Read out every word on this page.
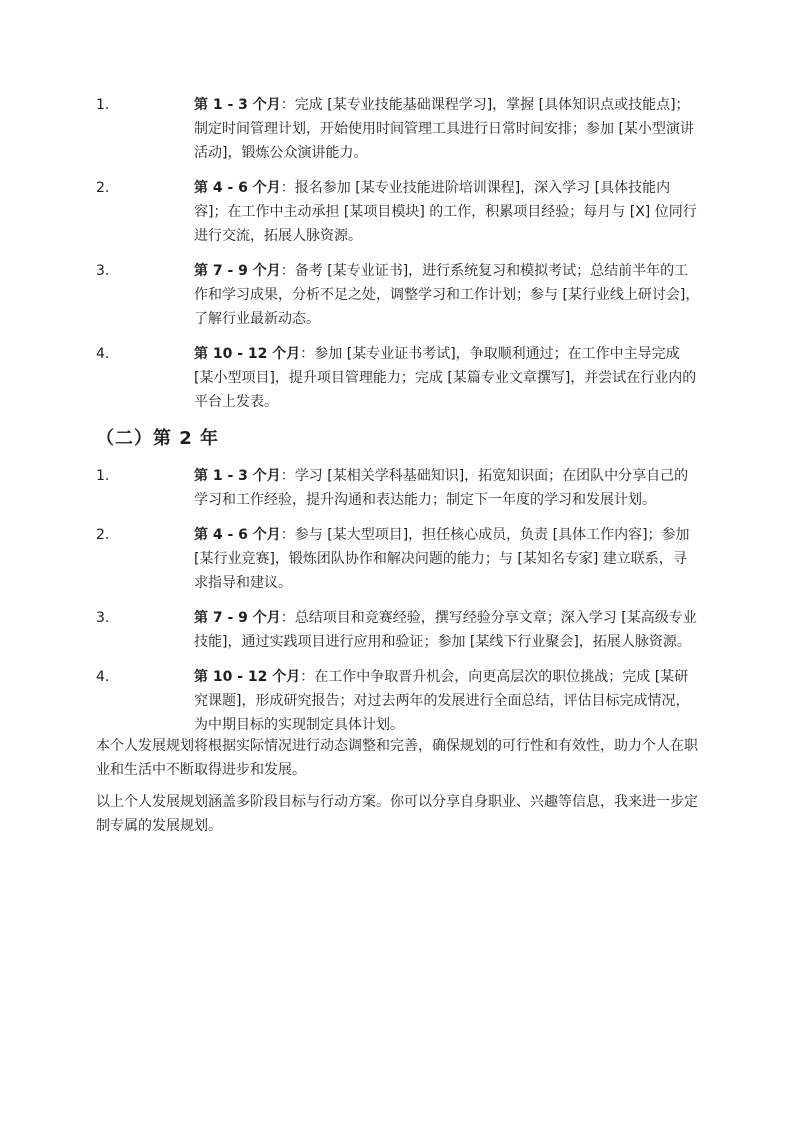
1.	第 1 - 3 个月：完成 [某专业技能基础课程学习]，掌握 [具体知识点或技能点]；制定时间管理计划，开始使用时间管理工具进行日常时间安排；参加 [某小型演讲活动]，锻炼公众演讲能力。
2.	第 4 - 6 个月：报名参加 [某专业技能进阶培训课程]，深入学习 [具体技能内容]；在工作中主动承担 [某项目模块] 的工作，积累项目经验；每月与 [X] 位同行进行交流，拓展人脉资源。
3.	第 7 - 9 个月：备考 [某专业证书]，进行系统复习和模拟考试；总结前半年的工作和学习成果，分析不足之处，调整学习和工作计划；参与 [某行业线上研讨会]，了解行业最新动态。
4.	第 10 - 12 个月：参加 [某专业证书考试]，争取顺利通过；在工作中主导完成 [某小型项目]，提升项目管理能力；完成 [某篇专业文章撰写]，并尝试在行业内的平台上发表。
（二）第 2 年
1.	第 1 - 3 个月：学习 [某相关学科基础知识]，拓宽知识面；在团队中分享自己的学习和工作经验，提升沟通和表达能力；制定下一年度的学习和发展计划。
2.	第 4 - 6 个月：参与 [某大型项目]，担任核心成员，负责 [具体工作内容]；参加 [某行业竞赛]，锻炼团队协作和解决问题的能力；与 [某知名专家] 建立联系，寻求指导和建议。
3.	第 7 - 9 个月：总结项目和竞赛经验，撰写经验分享文章；深入学习 [某高级专业技能]，通过实践项目进行应用和验证；参加 [某线下行业聚会]，拓展人脉资源。
4.	第 10 - 12 个月：在工作中争取晋升机会，向更高层次的职位挑战；完成 [某研究课题]，形成研究报告；对过去两年的发展进行全面总结，评估目标完成情况，为中期目标的实现制定具体计划。

本个人发展规划将根据实际情况进行动态调整和完善，确保规划的可行性和有效性，助力个人在职业和生活中不断取得进步和发展。

以上个人发展规划涵盖多阶段目标与行动方案。你可以分享自身职业、兴趣等信息，我来进一步定制专属的发展规划。
